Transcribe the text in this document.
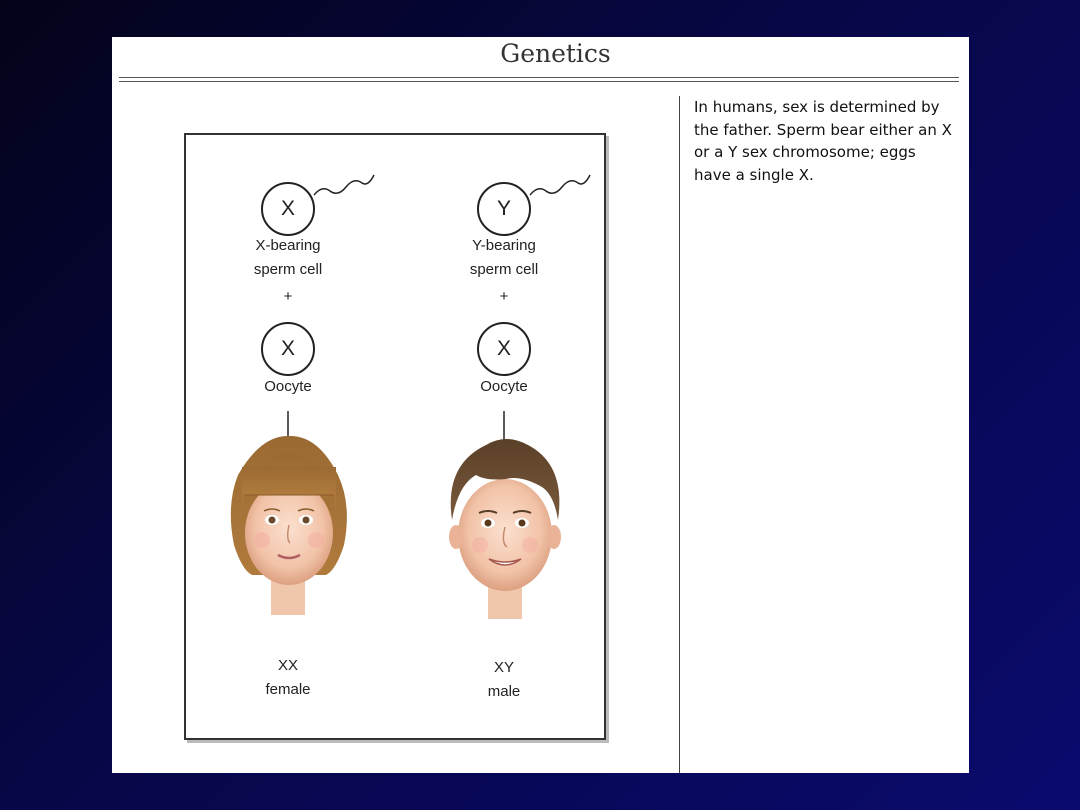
Genetics
In humans, sex is determined by the father. Sperm bear either an X or a Y sex chromosome; eggs have a single X.
X
X-bearing
sperm cell
+
X
Oocyte
XX
female
Y
Y-bearing
sperm cell
+
X
Oocyte
XY
male
